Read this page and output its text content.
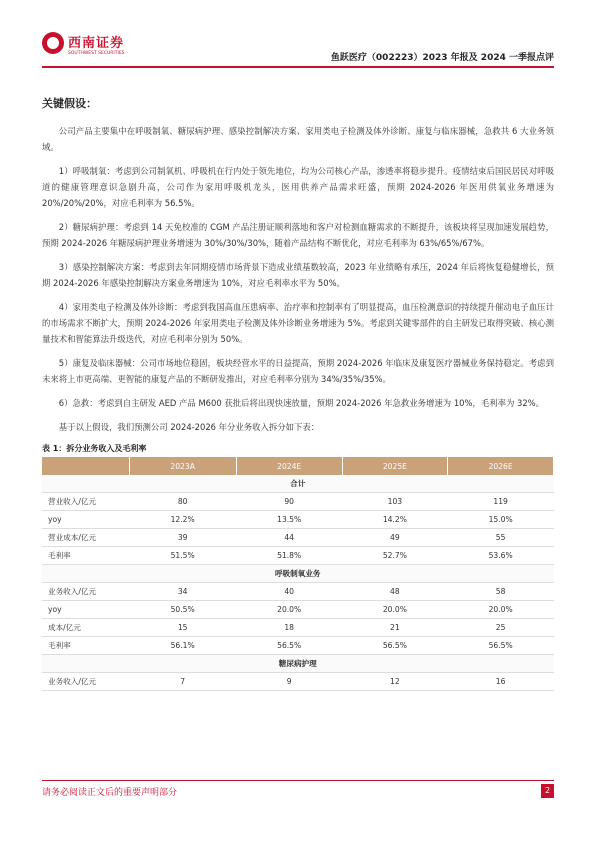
西南证券
SOUTHWEST SECURITIES	鱼跃医疗（002223）2023 年报及 2024 一季报点评
关键假设：

公司产品主要集中在呼吸制氧、糖尿病护理、感染控制解决方案、家用类电子检测及体外诊断、康复与临床器械，急救共 6 大业务领域。

1）呼吸制氧：考虑到公司制氧机、呼吸机在行内处于领先地位，均为公司核心产品，渗透率将稳步提升。疫情结束后国民居民对呼吸道的健康管理意识急剧升高，公司作为家用呼吸机龙头，医用供养产品需求旺盛，预期 2024-2026 年医用供氧业务增速为 20%/20%/20%，对应毛利率为 56.5%。

2）糖尿病护理：考虑到 14 天免校准的 CGM 产品注册证顺利落地和客户对检测血糖需求的不断提升，该板块将呈现加速发展趋势，预期 2024-2026 年糖尿病护理业务增速为 30%/30%/30%，随着产品结构不断优化，对应毛利率为 63%/65%/67%。

3）感染控制解决方案：考虑到去年同期疫情市场背景下造成业绩基数较高，2023 年业绩略有承压，2024 年后将恢复稳健增长，预期 2024-2026 年感染控制解决方案业务增速为 10%，对应毛利率水平为 50%。

4）家用类电子检测及体外诊断：考虑到我国高血压患病率、治疗率和控制率有了明显提高，血压检测意识的持续提升催动电子血压计的市场需求不断扩大，预期 2024-2026 年家用类电子检测及体外诊断业务增速为 5%。考虑到关键零部件的自主研发已取得突破、核心测量技术和智能算法升级迭代，对应毛利率分别为 50%。

5）康复及临床器械：公司市场地位稳固，板块经营水平的日益提高，预期 2024-2026 年临床及康复医疗器械业务保持稳定。考虑到未来将上市更高端、更智能的康复产品的不断研发推出，对应毛利率分别为 34%/35%/35%。

6）急救：考虑到自主研发 AED 产品 M600 获批后将出现快速放量，预期 2024-2026 年急救业务增速为 10%，毛利率为 32%。

基于以上假设，我们预测公司 2024-2026 年分业务收入拆分如下表：

表 1：拆分业务收入及毛利率
	2023A	2024E	2025E	2026E
合计				
营业收入/亿元	80	90	103	119
yoy	12.2%	13.5%	14.2%	15.0%
营业成本/亿元	39	44	49	55
毛利率	51.5%	51.8%	52.7%	53.6%
呼吸制氧业务				
业务收入/亿元	34	40	48	58
yoy	50.5%	20.0%	20.0%	20.0%
成本/亿元	15	18	21	25
毛利率	56.1%	56.5%	56.5%	56.5%
糖尿病护理				
业务收入/亿元	7	9	12	16
请务必阅读正文后的重要声明部分	2
